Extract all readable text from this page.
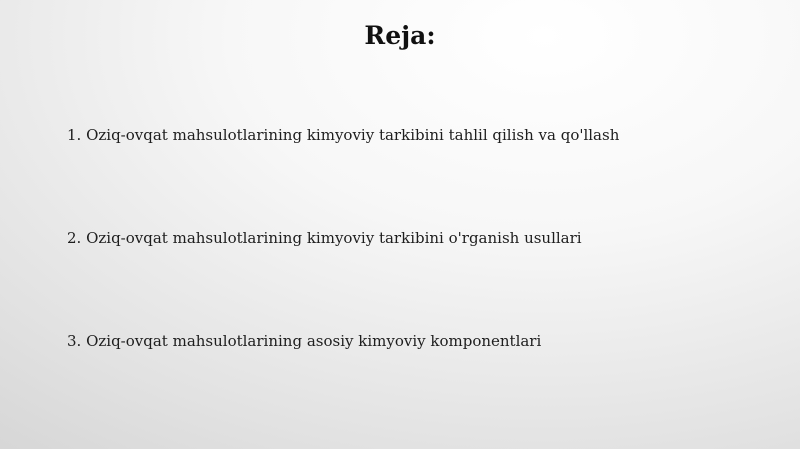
Reja:
1. Oziq-ovqat mahsulotlarining kimyoviy tarkibini tahlil qilish va qo'llash
2. Oziq-ovqat mahsulotlarining kimyoviy tarkibini o'rganish usullari
3. Oziq-ovqat mahsulotlarining asosiy kimyoviy komponentlari
